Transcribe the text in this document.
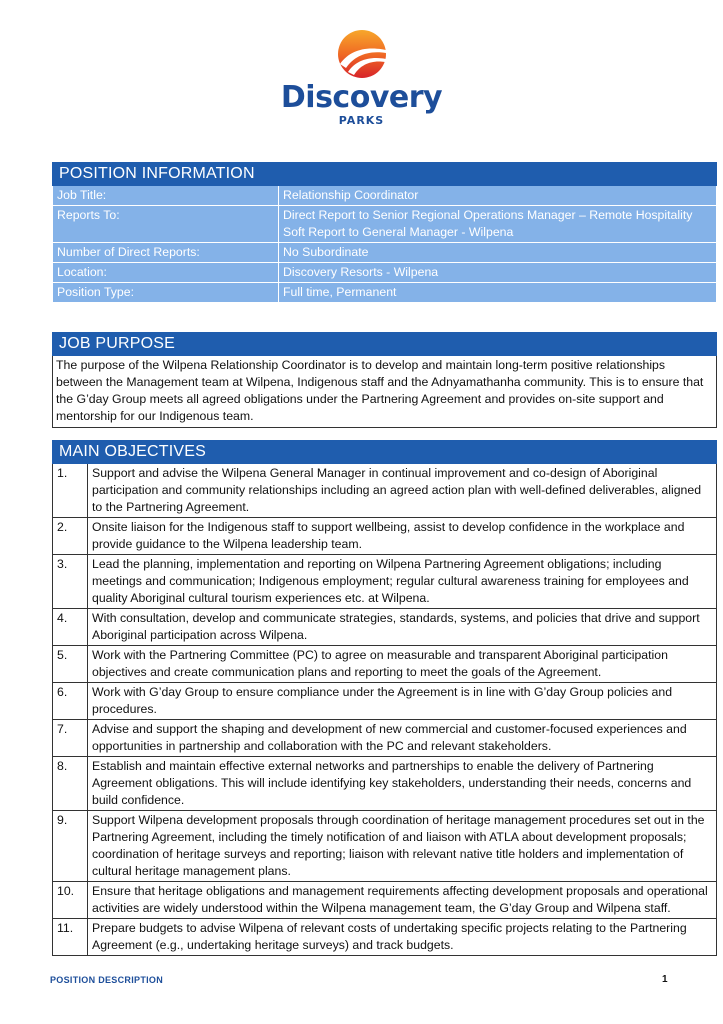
Discovery
PARKS
POSITION INFORMATION	
Job Title:	Relationship Coordinator

Reports To:	Direct Report to Senior Regional Operations Manager – Remote Hospitality
Soft Report to General Manager - Wilpena

Number of Direct Reports:	No Subordinate

Location:	Discovery Resorts - Wilpena

Position Type:	Full time, Permanent
JOB PURPOSE
The purpose of the Wilpena Relationship Coordinator is to develop and maintain long-term positive relationships between the Management team at Wilpena, Indigenous staff and the Adnyamathanha community. This is to ensure that the G’day Group meets all agreed obligations under the Partnering Agreement and provides on-site support and mentorship for our Indigenous team.
MAIN OBJECTIVES	
1.	Support and advise the Wilpena General Manager in continual improvement and co-design of Aboriginal participation and community relationships including an agreed action plan with well-defined deliverables, aligned to the Partnering Agreement.
2.	Onsite liaison for the Indigenous staff to support wellbeing, assist to develop confidence in the workplace and provide guidance to the Wilpena leadership team.
3.	Lead the planning, implementation and reporting on Wilpena Partnering Agreement obligations; including meetings and communication; Indigenous employment; regular cultural awareness training for employees and quality Aboriginal cultural tourism experiences etc. at Wilpena.
4.	With consultation, develop and communicate strategies, standards, systems, and policies that drive and support Aboriginal participation across Wilpena.
5.	Work with the Partnering Committee (PC) to agree on measurable and transparent Aboriginal participation objectives and create communication plans and reporting to meet the goals of the Agreement.
6.	Work with G’day Group to ensure compliance under the Agreement is in line with G’day Group policies and procedures.
7.	Advise and support the shaping and development of new commercial and customer-focused experiences and opportunities in partnership and collaboration with the PC and relevant stakeholders.
8.	Establish and maintain effective external networks and partnerships to enable the delivery of Partnering Agreement obligations. This will include identifying key stakeholders, understanding their needs, concerns and build confidence.
9.	Support Wilpena development proposals through coordination of heritage management procedures set out in the Partnering Agreement, including the timely notification of and liaison with ATLA about development proposals; coordination of heritage surveys and reporting; liaison with relevant native title holders and implementation of cultural heritage management plans.
10.	Ensure that heritage obligations and management requirements affecting development proposals and operational activities are widely understood within the Wilpena management team, the G’day Group and Wilpena staff.
11.	Prepare budgets to advise Wilpena of relevant costs of undertaking specific projects relating to the Partnering Agreement (e.g., undertaking heritage surveys) and track budgets.
POSITION DESCRIPTION	1
